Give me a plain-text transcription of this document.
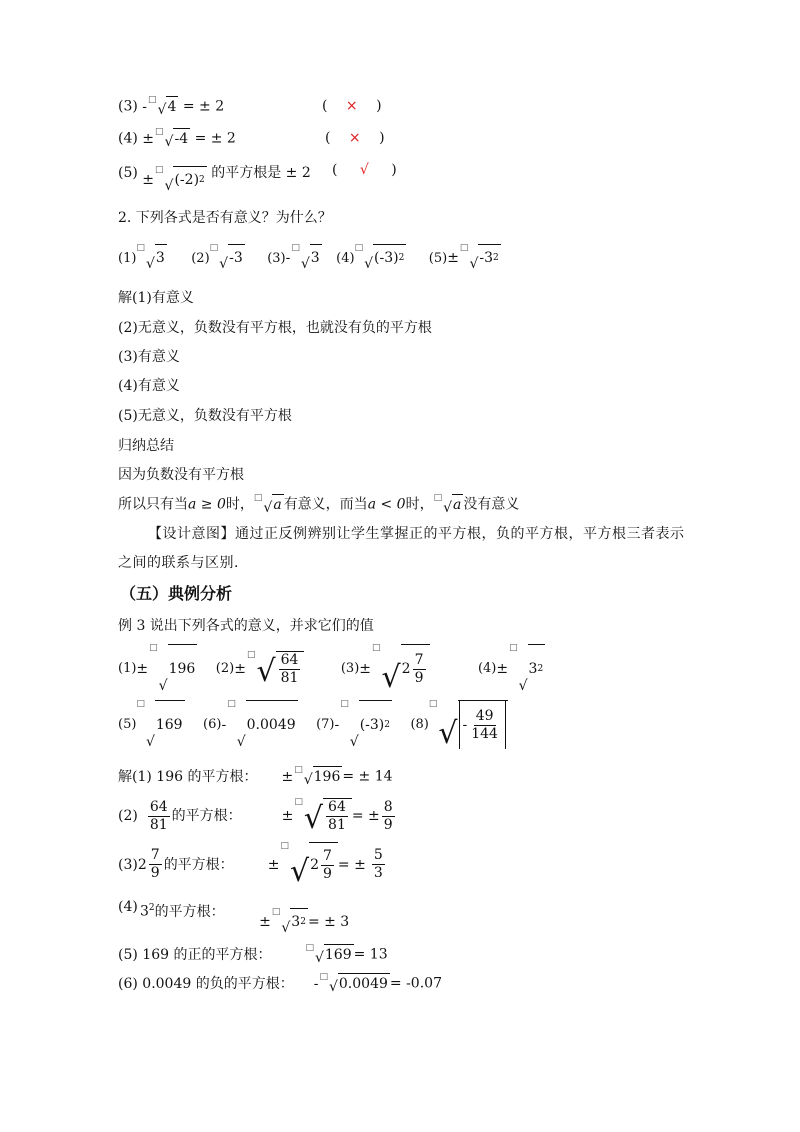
(3) - □
√ 4 = ± 2	( × )
(4) ± □
√ -4 = ± 2	( × )
(5) ±
□
√ (-2) 2 的平方根是 ± 2 ( √ )
2. 下列各式是否有意义？为什么？
(1)
□
√ 3 (2)
□
√ -3 (3)-
□
√ 3 (4)
□
√ (-3) 2 (5)±
□
√ -3 2
解(1)有意义
(2)无意义，负数没有平方根，也就没有负的平方根
(3)有意义
(4)有意义
(5)无意义，负数没有平方根
归纳总结
因为负数没有平方根
所以只有当a ≥ 0时， □
√ a 有意义，而当a < 0时， □
√ a 没有意义
【设计意图】通过正反例辨别让学生掌握正的平方根，负的平方根，平方根三者表示
之间的联系与区别.
（五）典例分析
例 3 说出下列各式的意义，并求它们的值
(1) ±
□
√
196
(2) ±
□ √ $\frac{64}{81}$
	(3) ±
□
√ $2 \frac{7}{9}$
	(4) ±
□
√
3 2
(5)
□
√
169
(6) -
□
√
0.0049
(7) -
□
√
(-3) 2
(8)
□
√ - $\frac{49}{144}$
解(1) 196 的平方根： ± □
√ 196 = ± 14
$(2) \frac{64}{81}$ 的平方根：	±
□ √ $\frac{64}{81}$ = ± $\frac{8}{9}$
(3) $2 \frac{7}{9}$ 的平方根： ±
□
√ $2 \frac{7}{9}$ = ± $\frac{5}{3}$
(4) $3^2$的平方根：
±
□
√ 3 2 = ± 3
(5) 169 的正的平方根：	□
√ 169 = 13
(6) 0.0049 的负的平方根： - □
√ 0.0049 = -0.07
